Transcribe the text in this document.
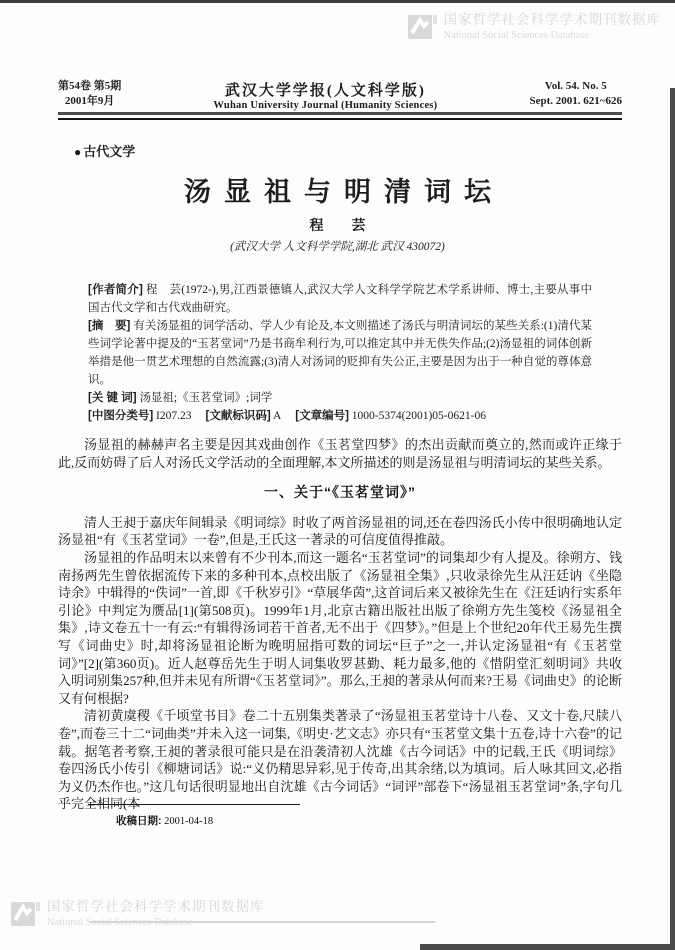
国家哲学社会科学学术期刊数据库
National Social Sciences Database
第54卷 第5期
2001年9月
武汉大学学报(人文科学版)
Wuhan University Journal (Humanity Sciences)
Vol. 54. No. 5
Sept. 2001. 621~626
● 古代文学
汤显祖与明清词坛
程　　芸
(武汉大学 人文科学学院,湖北 武汉 430072)

[作者简介] 程　芸(1972-),男,江西景德镇人,武汉大学人文科学学院艺术学系讲师、博士,主要从事中国古代文学和古代戏曲研究。

[摘　要] 有关汤显祖的词学活动、学人少有论及,本文则描述了汤氏与明清词坛的某些关系:(1)清代某些词学论著中提及的“玉茗堂词”乃是书商牟利行为,可以推定其中并无佚失作品;(2)汤显祖的词体创新举措是他一贯艺术理想的自然流露;(3)清人对汤词的贬抑有失公正,主要是因为出于一种自觉的尊体意识。

[关 键 词] 汤显祖;《玉茗堂词》;词学

[中图分类号] I207.23 [文献标识码] A [文章编号] 1000-5374(2001)05-0621-06

汤显祖的赫赫声名主要是因其戏曲创作《玉茗堂四梦》的杰出贡献而奠立的,然而或许正缘于此,反而妨碍了后人对汤氏文学活动的全面理解,本文所描述的则是汤显祖与明清词坛的某些关系。

一、关于“《玉茗堂词》”

清人王昶于嘉庆年间辑录《明词综》时收了两首汤显祖的词,还在卷四汤氏小传中很明确地认定汤显祖“有《玉茗堂词》一卷”,但是,王氏这一著录的可信度值得推敲。

汤显祖的作品明末以来曾有不少刊本,而这一题名“玉茗堂词”的词集却少有人提及。徐朔方、钱南扬两先生曾依据流传下来的多种刊本,点校出版了《汤显祖全集》,只收录徐先生从汪廷讷《坐隐诗余》中辑得的“佚词”一首,即《千秋岁引》“草展华茵”,这首词后来又被徐先生在《汪廷讷行实系年引论》中判定为赝品[1](第508页)。1999年1月,北京古籍出版社出版了徐朔方先生笺校《汤显祖全集》,诗文卷五十一有云:“有辑得汤词若干首者,无不出于《四梦》。”但是上个世纪20年代王易先生撰写《词曲史》时,却将汤显祖论断为晚明屈指可数的词坛“巨子”之一,并认定汤显祖“有《玉茗堂词》”[2](第360页)。近人赵尊岳先生于明人词集收罗甚勤、耗力最多,他的《惜阴堂汇刻明词》共收入明词别集257种,但并未见有所谓“《玉茗堂词》”。那么,王昶的著录从何而来?王易《词曲史》的论断又有何根据?

清初黄虞稷《千顷堂书目》卷二十五别集类著录了“汤显祖玉茗堂诗十八卷、又文十卷,尺牍八卷”,而卷三十二“词曲类”并未入这一词集,《明史·艺文志》亦只有“玉茗堂文集十五卷,诗十六卷”的记载。据笔者考察,王昶的著录很可能只是在沿袭清初人沈雄《古今词话》中的记载,王氏《明词综》卷四汤氏小传引《柳塘词话》说:“义仍精思异彩,见于传奇,出其余绪,以为填词。后人咏其回文,必指为义仍杰作也。”这几句话很明显地出自沈雄《古今词话》“词评”部卷下“汤显祖玉茗堂词”条,字句几乎完全相同(本

收稿日期: 2001-04-18
国家哲学社会科学学术期刊数据库
National Social Sciences Database
